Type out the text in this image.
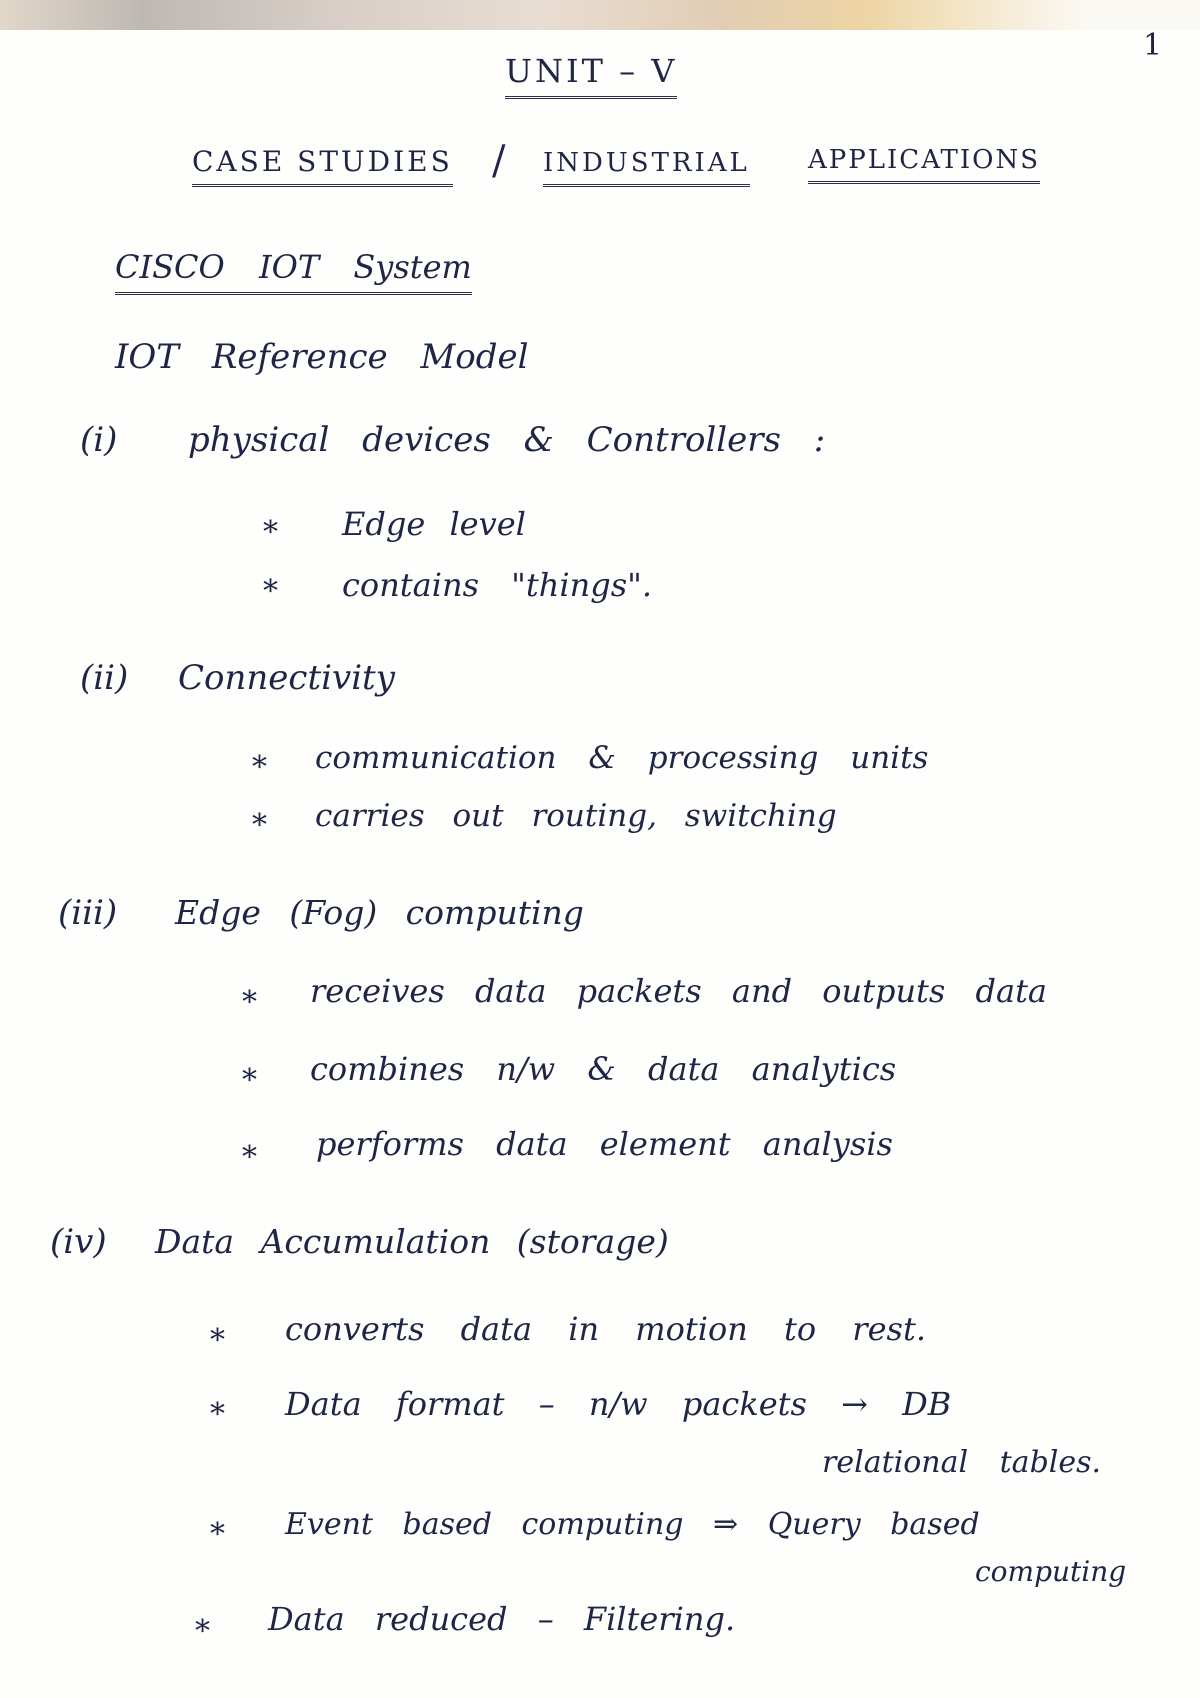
1
UNIT – V
CASE STUDIES / INDUSTRIAL APPLICATIONS
CISCO IOT System
IOT Reference Model
(i) physical devices & Controllers :
* Edge level
* contains "things".
(ii) Connectivity
* communication & processing units
* carries out routing, switching
(iii) Edge (Fog) computing
* receives data packets and outputs data
* combines n/w & data analytics
* performs data element analysis
(iv) Data Accumulation (storage)
* converts data in motion to rest.
* Data format – n/w packets → DB
relational tables.
* Event based computing ⇒ Query based
computing
* Data reduced – Filtering.
